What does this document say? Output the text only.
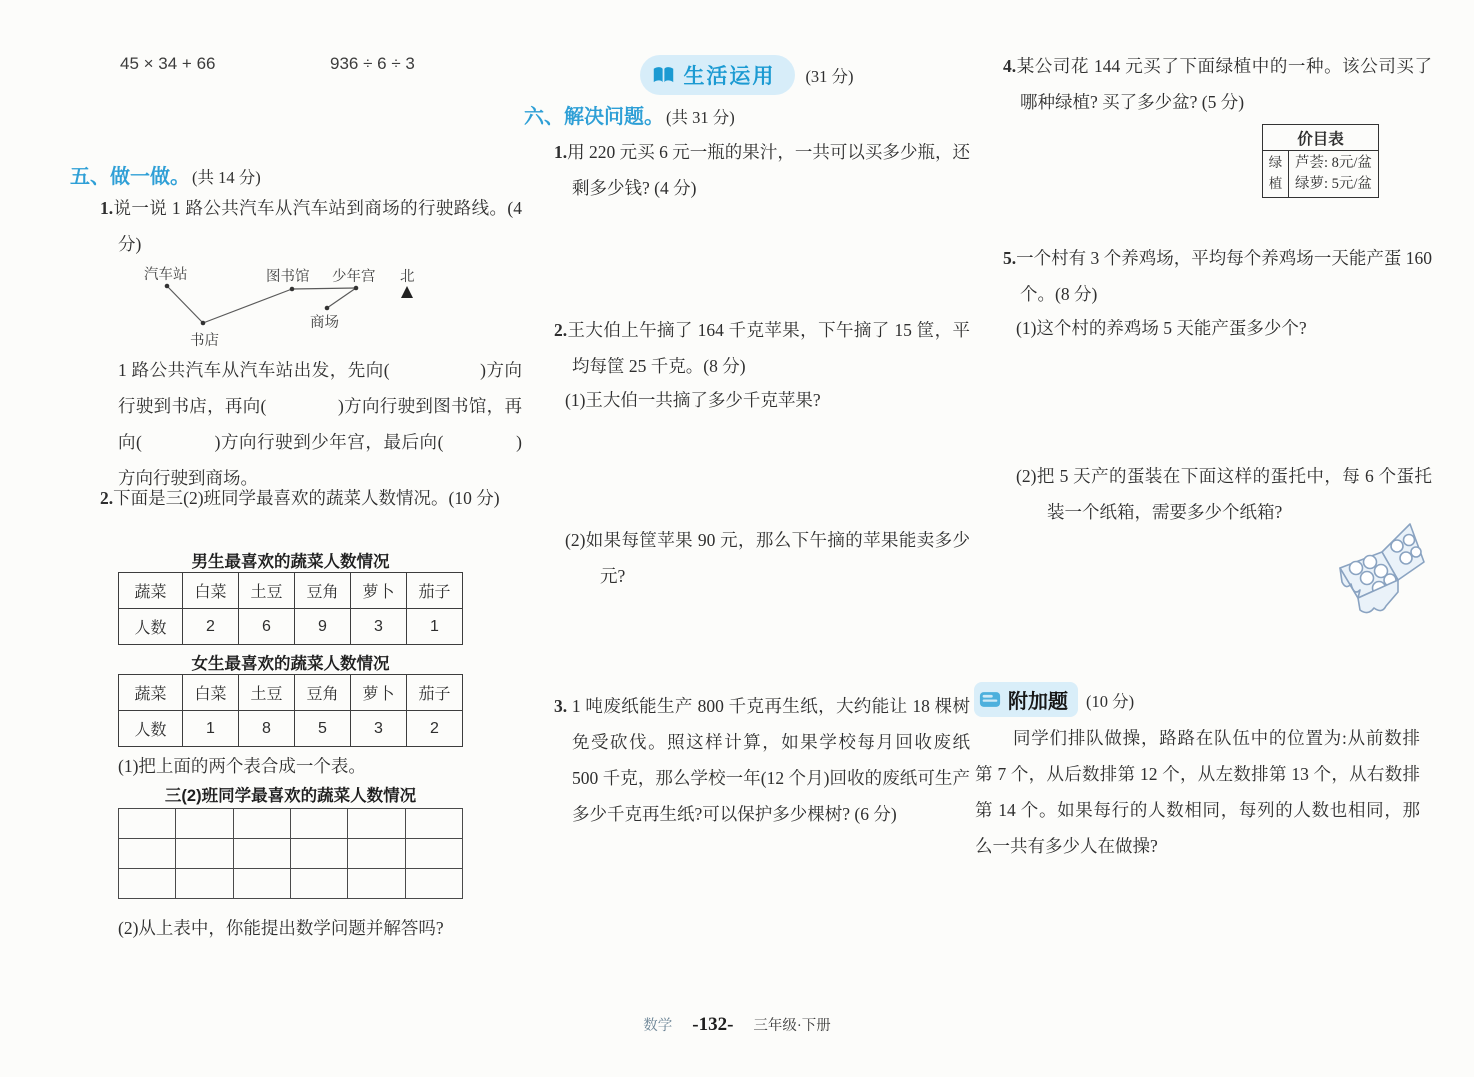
45 × 34 + 66	936 ÷ 6 ÷ 3
五、做一做。 (共 14 分)
1.说一说 1 路公共汽车从汽车站到商场的行驶路线。(4 分)
汽车站
书店
图书馆 少年宫
商场
北
1 路公共汽车从汽车站出发，先向(　　　　　)方向行驶到书店，再向(　　　　)方向行驶到图书馆，再向(　　　　)方向行驶到少年宫，最后向(　　　　)方向行驶到商场。
2.下面是三(2)班同学最喜欢的蔬菜人数情况。(10 分)
男生最喜欢的蔬菜人数情况
蔬菜	白菜	土豆	豆角	萝卜	茄子
人数	2	6	9	3	1
女生最喜欢的蔬菜人数情况
蔬菜	白菜	土豆	豆角	萝卜	茄子
人数	1	8	5	3	2
(1)把上面的两个表合成一个表。
三(2)班同学最喜欢的蔬菜人数情况

(2)从上表中，你能提出数学问题并解答吗?
生活运用 (31 分)
六、解决问题。 (共 31 分)
1.用 220 元买 6 元一瓶的果汁，一共可以买多少瓶，还剩多少钱? (4 分)
2.王大伯上午摘了 164 千克苹果，下午摘了 15 筐，平均每筐 25 千克。(8 分)
(1)王大伯一共摘了多少千克苹果?
(2)如果每筐苹果 90 元，那么下午摘的苹果能卖多少元?
3. 1 吨废纸能生产 800 千克再生纸，大约能让 18 棵树免受砍伐。照这样计算，如果学校每月回收废纸 500 千克，那么学校一年(12 个月)回收的废纸可生产多少千克再生纸?可以保护多少棵树? (6 分)
4.某公司花 144 元买了下面绿植中的一种。该公司买了哪种绿植? 买了多少盆? (5 分)
价目表
绿植	
芦荟: 8元/盆
绿萝: 5元/盆
5.一个村有 3 个养鸡场，平均每个养鸡场一天能产蛋 160 个。(8 分)
(1)这个村的养鸡场 5 天能产蛋多少个?
(2)把 5 天产的蛋装在下面这样的蛋托中，每 6 个蛋托装一个纸箱，需要多少个纸箱?
附加题 (10 分)
同学们排队做操，路路在队伍中的位置为:从前数排第 7 个，从后数排第 12 个，从左数排第 13 个，从右数排第 14 个。如果每行的人数相同，每列的人数也相同，那么一共有多少人在做操?
数学 -132- 三年级·下册
